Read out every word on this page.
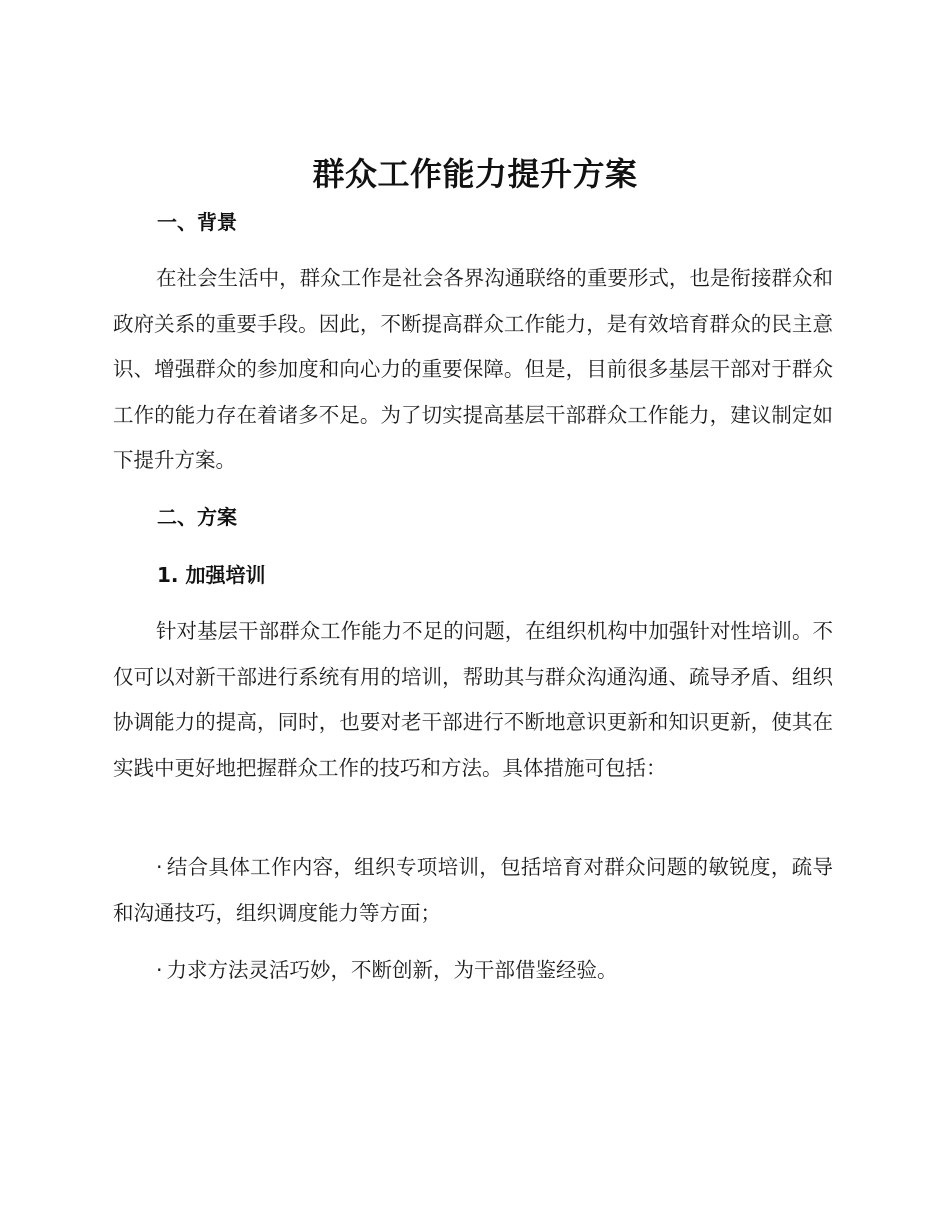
群众工作能力提升方案
一、背景
在社会生活中，群众工作是社会各界沟通联络的重要形式，也是衔接群众和政府关系的重要手段。因此，不断提高群众工作能力，是有效培育群众的民主意识、增强群众的参加度和向心力的重要保障。但是，目前很多基层干部对于群众工作的能力存在着诸多不足。为了切实提高基层干部群众工作能力，建议制定如下提升方案。
二、方案
1. 加强培训
针对基层干部群众工作能力不足的问题，在组织机构中加强针对性培训。不仅可以对新干部进行系统有用的培训，帮助其与群众沟通沟通、疏导矛盾、组织协调能力的提高，同时，也要对老干部进行不断地意识更新和知识更新，使其在实践中更好地把握群众工作的技巧和方法。具体措施可包括：
· 结合具体工作内容，组织专项培训，包括培育对群众问题的敏锐度，疏导和沟通技巧，组织调度能力等方面；
· 力求方法灵活巧妙，不断创新，为干部借鉴经验。
